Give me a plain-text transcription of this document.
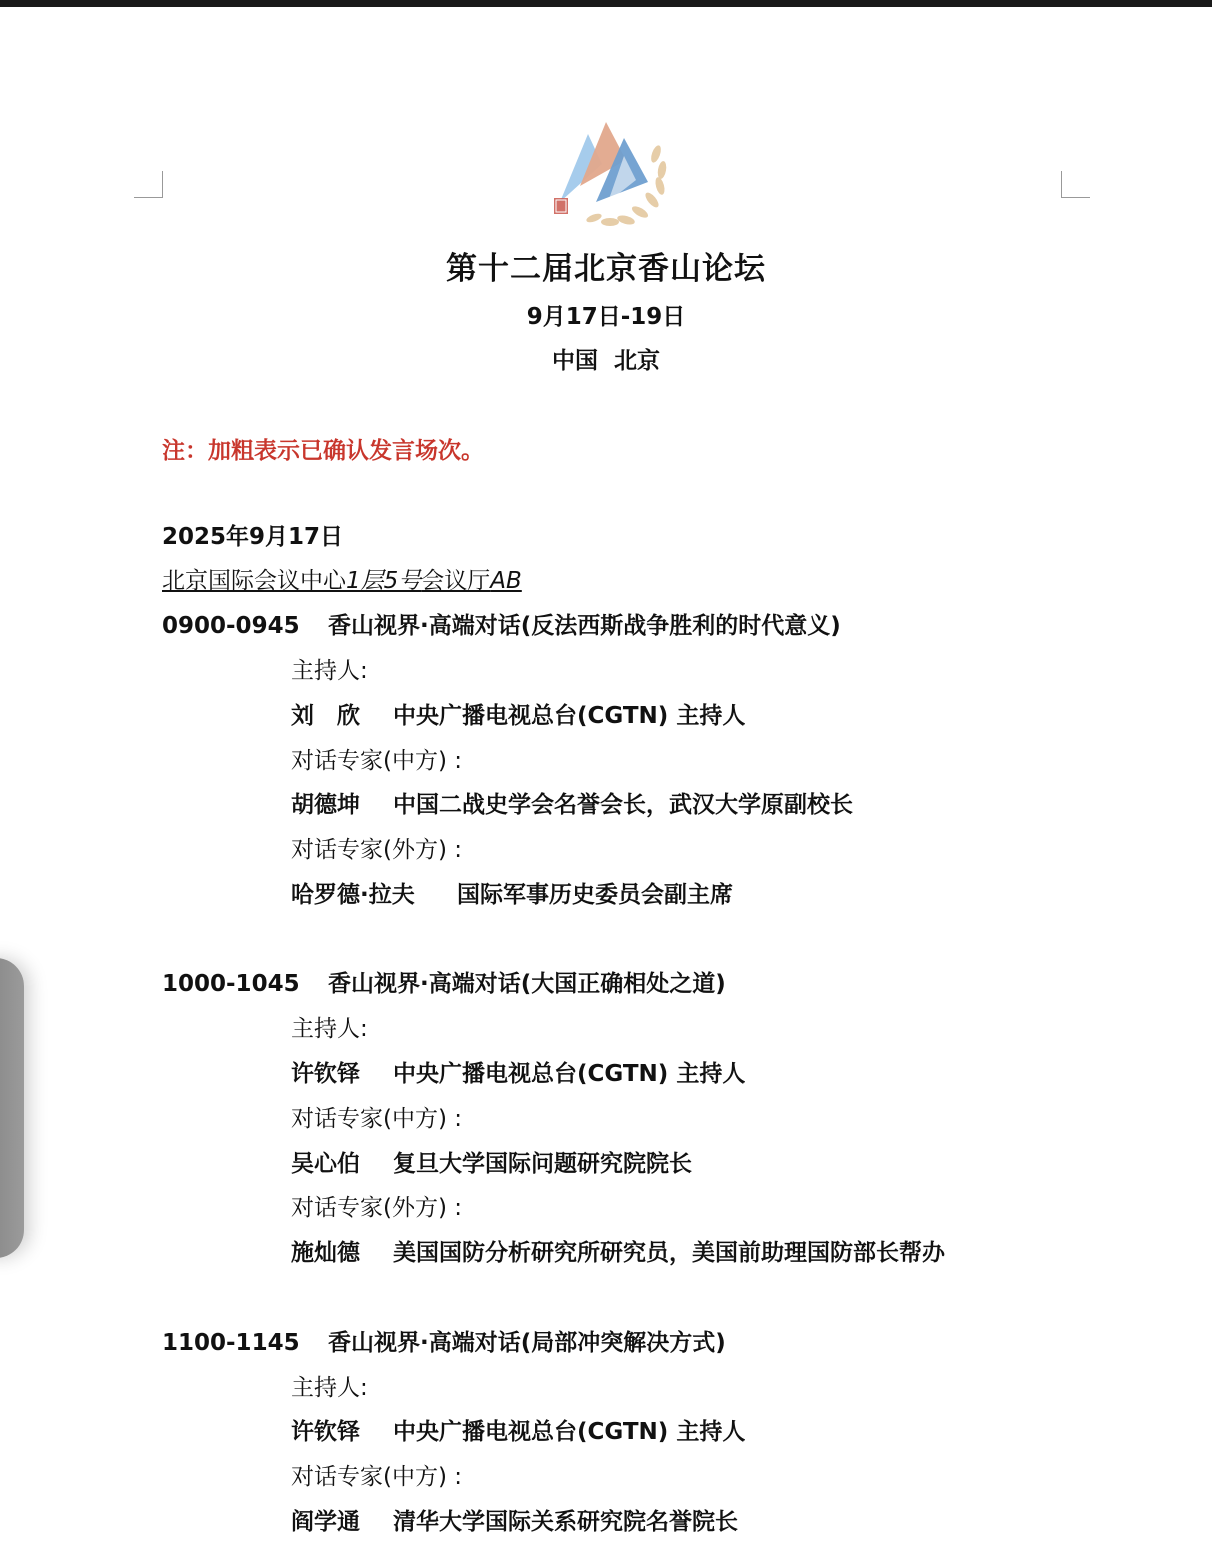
第十二届北京香山论坛
9月17日-19日
中国 北京
注：加粗表示已确认发言场次。
2025年9月17日
北京国际会议中心1层5号会议厅AB
0900-0945 香山视界·高端对话(反法西斯战争胜利的时代意义)
主持人:
刘　欣 中央广播电视总台(CGTN) 主持人
对话专家(中方) :
胡德坤 中国二战史学会名誉会长，武汉大学原副校长
对话专家(外方) :
哈罗德·拉夫 国际军事历史委员会副主席
1000-1045 香山视界·高端对话(大国正确相处之道)
主持人:
许钦铎 中央广播电视总台(CGTN) 主持人
对话专家(中方) :
吴心伯 复旦大学国际问题研究院院长
对话专家(外方) :
施灿德 美国国防分析研究所研究员，美国前助理国防部长帮办
1100-1145 香山视界·高端对话(局部冲突解决方式)
主持人:
许钦铎 中央广播电视总台(CGTN) 主持人
对话专家(中方) :
阎学通 清华大学国际关系研究院名誉院长
